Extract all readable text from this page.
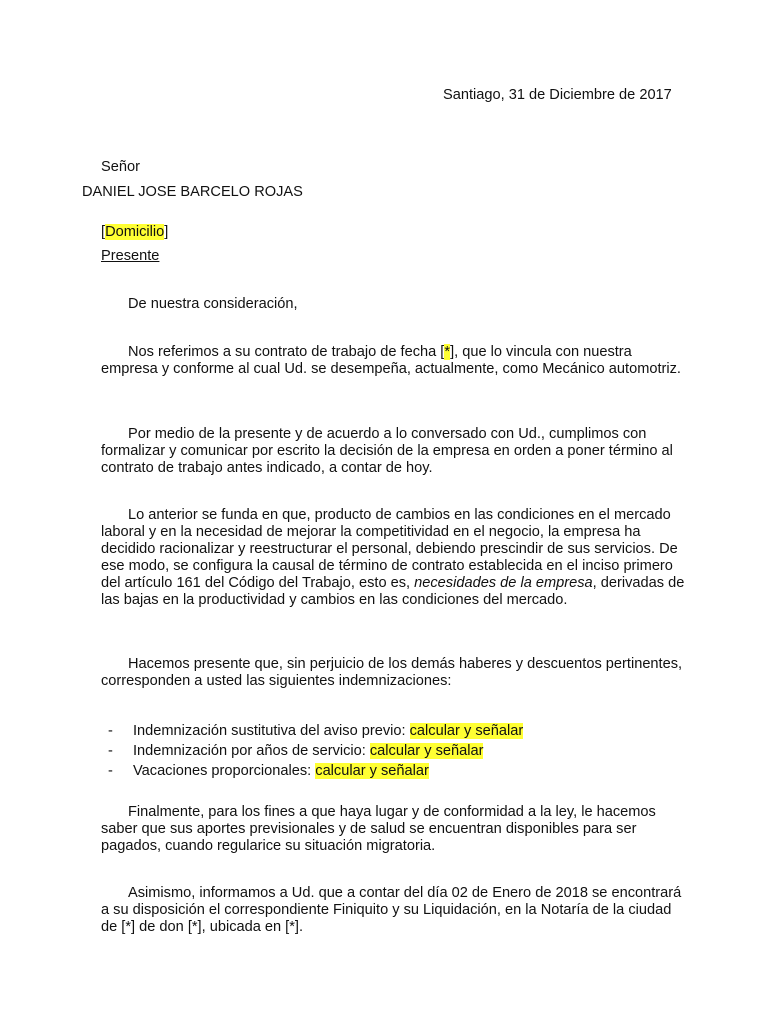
Santiago, 31 de Diciembre de 2017
Señor
DANIEL JOSE BARCELO ROJAS
[Domicilio]
Presente
De nuestra consideración,
Nos referimos a su contrato de trabajo de fecha [*], que lo vincula con nuestra empresa y conforme al cual Ud. se desempeña, actualmente, como Mecánico automotriz.
Por medio de la presente y de acuerdo a lo conversado con Ud., cumplimos con formalizar y comunicar por escrito la decisión de la empresa en orden a poner término al contrato de trabajo antes indicado, a contar de hoy.
Lo anterior se funda en que, producto de cambios en las condiciones en el mercado laboral y en la necesidad de mejorar la competitividad en el negocio, la empresa ha decidido racionalizar y reestructurar el personal, debiendo prescindir de sus servicios. De ese modo, se configura la causal de término de contrato establecida en el inciso primero del artículo 161 del Código del Trabajo, esto es, necesidades de la empresa, derivadas de las bajas en la productividad y cambios en las condiciones del mercado.
Hacemos presente que, sin perjuicio de los demás haberes y descuentos pertinentes, corresponden a usted las siguientes indemnizaciones:
- Indemnización sustitutiva del aviso previo: calcular y señalar
- Indemnización por años de servicio: calcular y señalar
- Vacaciones proporcionales: calcular y señalar
Finalmente, para los fines a que haya lugar y de conformidad a la ley, le hacemos saber que sus aportes previsionales y de salud se encuentran disponibles para ser pagados, cuando regularice su situación migratoria.
Asimismo, informamos a Ud. que a contar del día 02 de Enero de 2018 se encontrará a su disposición el correspondiente Finiquito y su Liquidación, en la Notaría de la ciudad de [*] de don [*], ubicada en [*].
